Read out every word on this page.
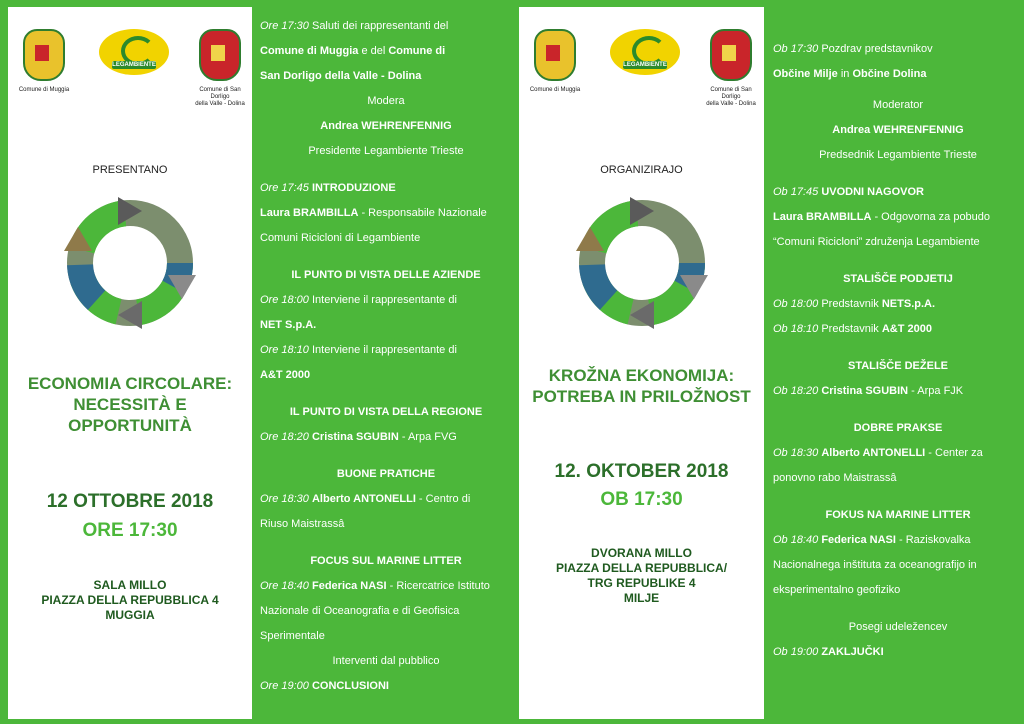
Comune di Muggia
LEGAMBIENTE
Comune di San Dorligo
della Valle - Dolina
PRESENTANO
ECONOMIA CIRCOLARE:
NECESSITÀ E
OPPORTUNITÀ
12 OTTOBRE 2018
ORE 17:30
SALA MILLO
PIAZZA DELLA REPUBBLICA 4
MUGGIA
Ore 17:30 Saluti dei rappresentanti del
Comune di Muggia e del Comune di
San Dorligo della Valle - Dolina
Modera
Andrea WEHRENFENNIG
Presidente Legambiente Trieste
Ore 17:45 INTRODUZIONE
Laura BRAMBILLA - Responsabile Nazionale
Comuni Ricicloni di Legambiente
IL PUNTO DI VISTA DELLE AZIENDE
Ore 18:00 Interviene il rappresentante di
NET S.p.A.
Ore 18:10 Interviene il rappresentante di
A&T 2000
IL PUNTO DI VISTA DELLA REGIONE
Ore 18:20 Cristina SGUBIN - Arpa FVG
BUONE PRATICHE
Ore 18:30 Alberto ANTONELLI - Centro di
Riuso Maistrassâ
FOCUS SUL MARINE LITTER
Ore 18:40 Federica NASI - Ricercatrice Istituto
Nazionale di Oceanografia e di Geofisica
Sperimentale
Interventi dal pubblico
Ore 19:00 CONCLUSIONI
Comune di Muggia
LEGAMBIENTE
Comune di San Dorligo
della Valle - Dolina
ORGANIZIRAJO
KROŽNA EKONOMIJA:
POTREBA IN PRILOŽNOST
12. OKTOBER 2018
OB 17:30
DVORANA MILLO
PIAZZA DELLA REPUBBLICA/
TRG REPUBLIKE 4
MILJE
Ob 17:30 Pozdrav predstavnikov
Občine Milje in Občine Dolina
Moderator
Andrea WEHRENFENNIG
Predsednik Legambiente Trieste
Ob 17:45 UVODNI NAGOVOR
Laura BRAMBILLA - Odgovorna za pobudo
“Comuni Ricicloni” združenja Legambiente
STALIŠČE PODJETIJ
Ob 18:00 Predstavnik NETS.p.A.
Ob 18:10 Predstavnik A&T 2000
STALIŠČE DEŽELE
Ob 18:20 Cristina SGUBIN - Arpa FJK
DOBRE PRAKSE
Ob 18:30 Alberto ANTONELLI - Center za
ponovno rabo Maistrassâ
FOKUS NA MARINE LITTER
Ob 18:40 Federica NASI - Raziskovalka
Nacionalnega inštituta za oceanografijo in
eksperimentalno geofiziko
Posegi udeležencev
Ob 19:00 ZAKLJUČKI
